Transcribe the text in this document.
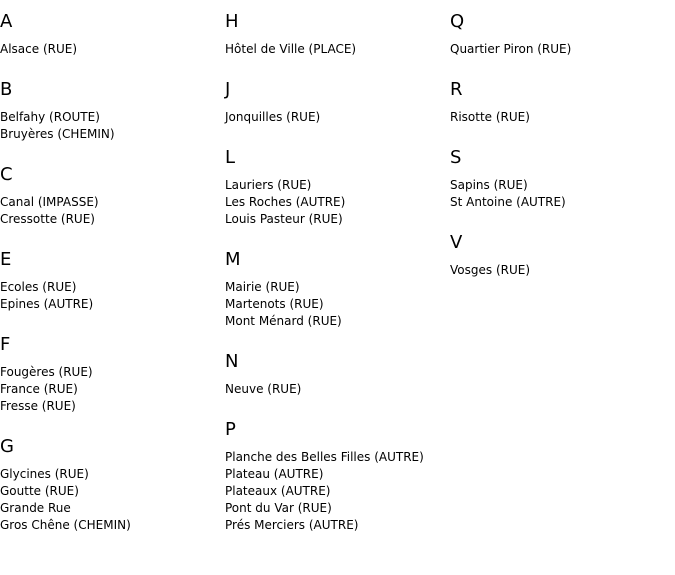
A
Alsace (RUE)
B
Belfahy (ROUTE)
Bruyères (CHEMIN)
C
Canal (IMPASSE)
Cressotte (RUE)
E
Ecoles (RUE)
Epines (AUTRE)
F
Fougères (RUE)
France (RUE)
Fresse (RUE)
G
Glycines (RUE)
Goutte (RUE)
Grande Rue
Gros Chêne (CHEMIN)
H
Hôtel de Ville (PLACE)
J
Jonquilles (RUE)
L
Lauriers (RUE)
Les Roches (AUTRE)
Louis Pasteur (RUE)
M
Mairie (RUE)
Martenots (RUE)
Mont Ménard (RUE)
N
Neuve (RUE)
P
Planche des Belles Filles (AUTRE)
Plateau (AUTRE)
Plateaux (AUTRE)
Pont du Var (RUE)
Prés Merciers (AUTRE)
Q
Quartier Piron (RUE)
R
Risotte (RUE)
S
Sapins (RUE)
St Antoine (AUTRE)
V
Vosges (RUE)
